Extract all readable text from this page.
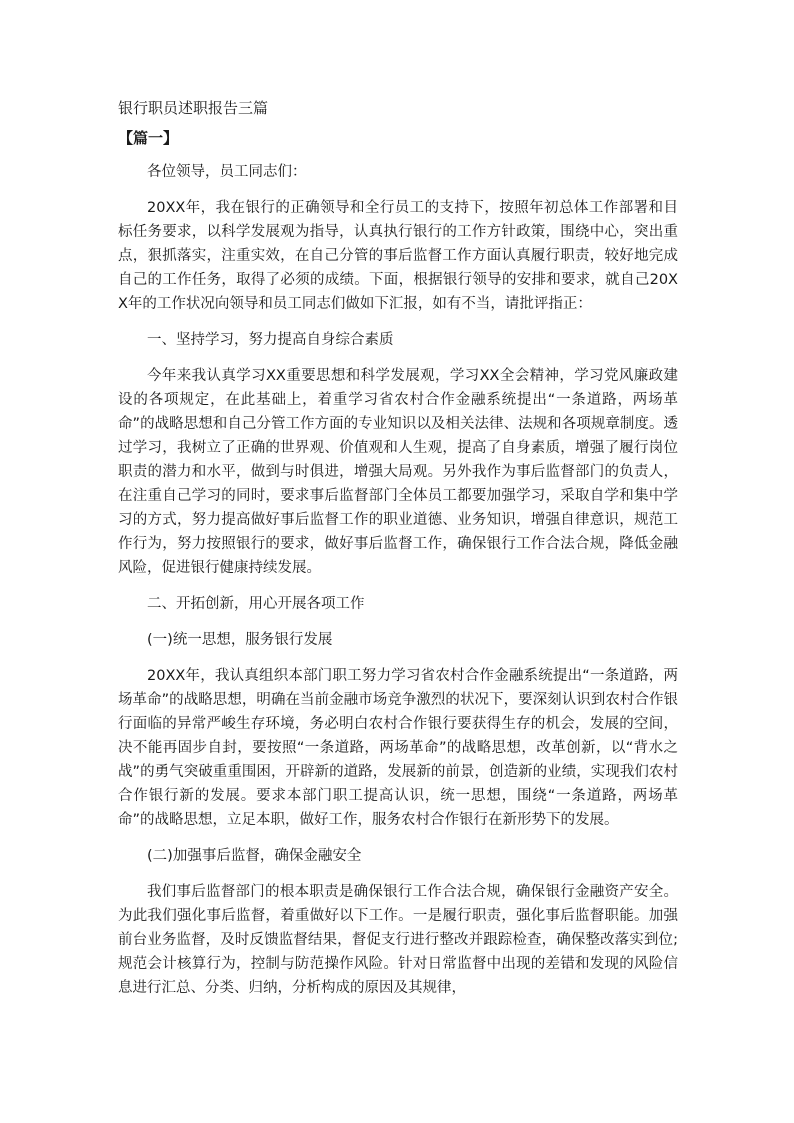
银行职员述职报告三篇
【篇一】

各位领导，员工同志们：

20XX年，我在银行的正确领导和全行员工的支持下，按照年初总体工作部署和目标任务要求，以科学发展观为指导，认真执行银行的工作方针政策，围绕中心，突出重点，狠抓落实，注重实效，在自己分管的事后监督工作方面认真履行职责，较好地完成自己的工作任务，取得了必须的成绩。下面，根据银行领导的安排和要求，就自己20XX年的工作状况向领导和员工同志们做如下汇报，如有不当，请批评指正：

一、坚持学习，努力提高自身综合素质

今年来我认真学习XX重要思想和科学发展观，学习XX全会精神，学习党风廉政建设的各项规定，在此基础上，着重学习省农村合作金融系统提出“一条道路，两场革命”的战略思想和自己分管工作方面的专业知识以及相关法律、法规和各项规章制度。透过学习，我树立了正确的世界观、价值观和人生观，提高了自身素质，增强了履行岗位职责的潜力和水平，做到与时俱进，增强大局观。另外我作为事后监督部门的负责人，在注重自己学习的同时，要求事后监督部门全体员工都要加强学习，采取自学和集中学习的方式，努力提高做好事后监督工作的职业道德、业务知识，增强自律意识，规范工作行为，努力按照银行的要求，做好事后监督工作，确保银行工作合法合规，降低金融风险，促进银行健康持续发展。

二、开拓创新，用心开展各项工作

(一)统一思想，服务银行发展

20XX年，我认真组织本部门职工努力学习省农村合作金融系统提出“一条道路，两场革命”的战略思想，明确在当前金融市场竞争激烈的状况下，要深刻认识到农村合作银行面临的异常严峻生存环境，务必明白农村合作银行要获得生存的机会，发展的空间，决不能再固步自封，要按照“一条道路，两场革命”的战略思想，改革创新，以“背水之战”的勇气突破重重围困，开辟新的道路，发展新的前景，创造新的业绩，实现我们农村合作银行新的发展。要求本部门职工提高认识，统一思想，围绕“一条道路，两场革命”的战略思想，立足本职，做好工作，服务农村合作银行在新形势下的发展。

(二)加强事后监督，确保金融安全

我们事后监督部门的根本职责是确保银行工作合法合规，确保银行金融资产安全。为此我们强化事后监督，着重做好以下工作。一是履行职责，强化事后监督职能。加强前台业务监督，及时反馈监督结果，督促支行进行整改并跟踪检查，确保整改落实到位;规范会计核算行为，控制与防范操作风险。针对日常监督中出现的差错和发现的风险信息进行汇总、分类、归纳，分析构成的原因及其规律，
